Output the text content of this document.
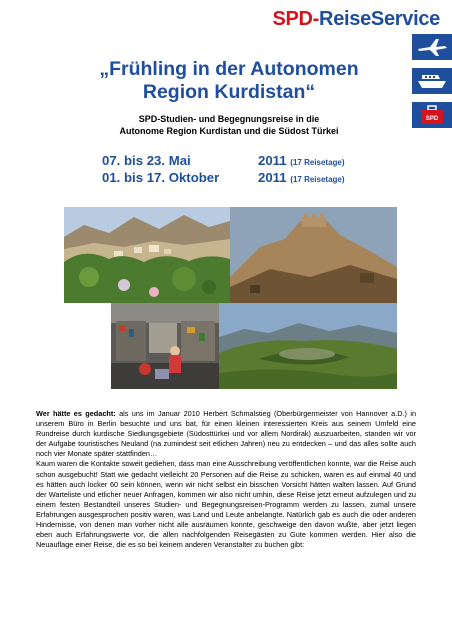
SPD-ReiseService
SPD
„Frühling in der Autonomen
Region Kurdistan“
SPD-Studien- und Begegnungsreise in die
Autonome Region Kurdistan und die Südost Türkei
07. bis 23. Mai	2011 (17 Reisetage)
01. bis 17. Oktober	2011 (17 Reisetage)
Wer hätte es gedacht: als uns im Januar 2010 Herbert Schmalstieg (Oberbürgermeister von Hannover a.D.) in unserem Büro in Berlin besuchte und uns bat, für einen kleinen interessierten Kreis aus seinem Umfeld eine Rundreise durch kurdische Siedlungsgebiete (Südosttürkei und vor allem Nordirak) auszuarbeiten, standen wir vor der Aufgabe touristisches Neuland (na zumindest seit etlichen Jahren) neu zu entdecken – und das alles sollte auch noch vier Monate später stattfinden…
Kaum waren die Kontakte soweit gediehen, dass man eine Ausschreibung veröffentlichen konnte, war die Reise auch schon ausgebucht! Statt wie gedacht vielleicht 20 Personen auf die Reise zu schicken, waren es auf einmal 40 und es hätten auch locker 60 sein können, wenn wir nicht selbst ein bisschen Vorsicht hätten walten lassen. Auf Grund der Warteliste und etlicher neuer Anfragen, kommen wir also nicht umhin, diese Reise jetzt erneut aufzulegen und zu einem festen Bestandteil unseres Studien- und Begegnungsreisen-Programm werden zu lassen, zumal unsere Erfahrungen ausgesprochen positiv waren, was Land und Leute anbelangte. Natürlich gab es auch die oder anderen Hindernisse, von denen man vorher nicht alle ausräumen konnte, geschweige den davon wußte, aber jetzt liegen eben auch Erfahrungswerte vor, die allen nachfolgenden Reisegästen zu Gute kommen werden. Hier also die Neuauflage einer Reise, die es so bei keinem anderen Veranstalter zu buchen gibt:
